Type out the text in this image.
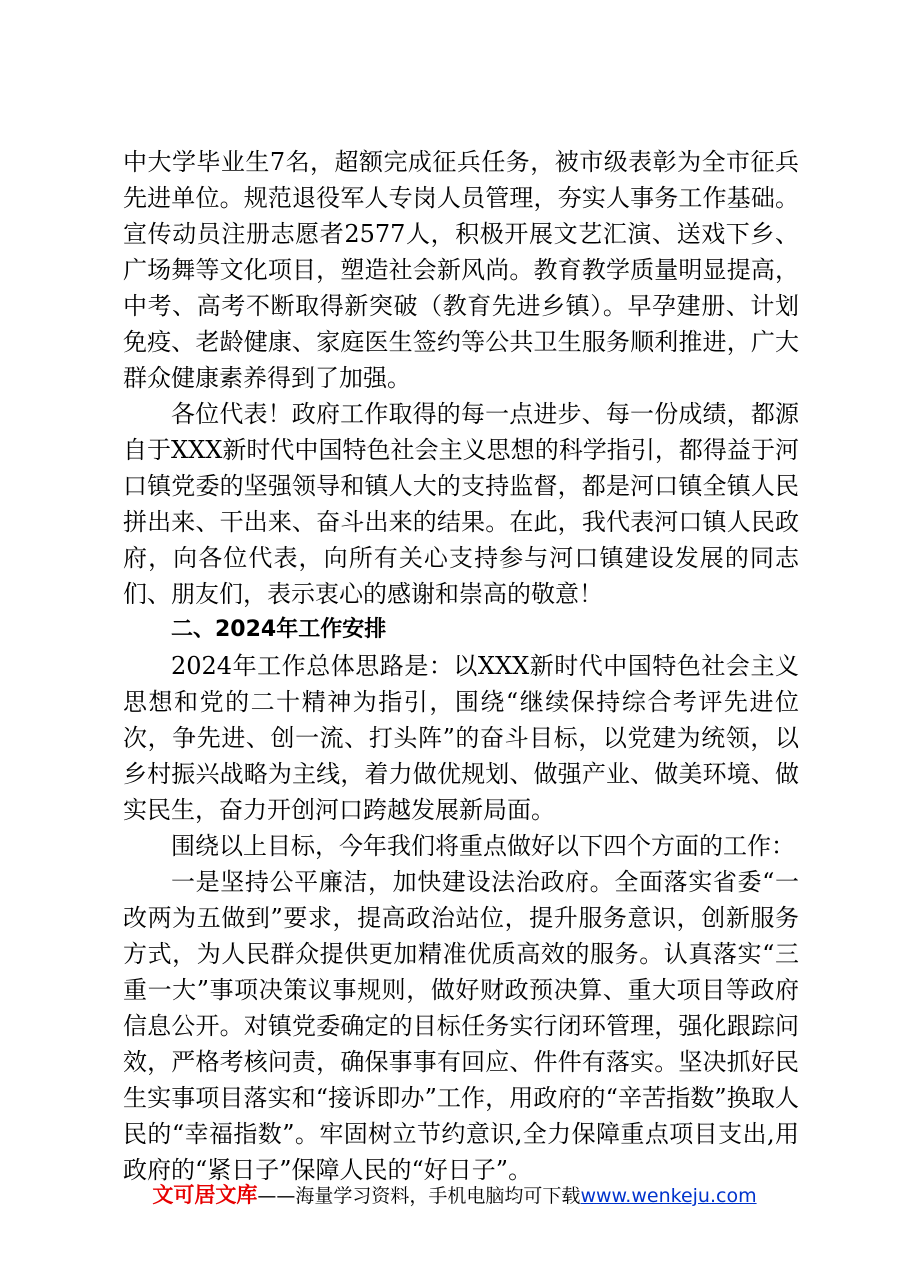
中大学毕业生7名，超额完成征兵任务，被市级表彰为全市征兵先进单位。规范退役军人专岗人员管理，夯实人事务工作基础。宣传动员注册志愿者2577人，积极开展文艺汇演、送戏下乡、广场舞等文化项目，塑造社会新风尚。教育教学质量明显提高，中考、高考不断取得新突破（教育先进乡镇）。早孕建册、计划免疫、老龄健康、家庭医生签约等公共卫生服务顺利推进，广大群众健康素养得到了加强。

各位代表！政府工作取得的每一点进步、每一份成绩，都源自于XXX新时代中国特色社会主义思想的科学指引，都得益于河口镇党委的坚强领导和镇人大的支持监督，都是河口镇全镇人民拼出来、干出来、奋斗出来的结果。在此，我代表河口镇人民政府，向各位代表，向所有关心支持参与河口镇建设发展的同志们、朋友们，表示衷心的感谢和崇高的敬意！

二、2024年工作安排

2024年工作总体思路是：以XXX新时代中国特色社会主义思想和党的二十精神为指引，围绕“继续保持综合考评先进位次，争先进、创一流、打头阵”的奋斗目标，以党建为统领，以乡村振兴战略为主线，着力做优规划、做强产业、做美环境、做实民生，奋力开创河口跨越发展新局面。

围绕以上目标，今年我们将重点做好以下四个方面的工作：

一是坚持公平廉洁，加快建设法治政府。全面落实省委“一改两为五做到”要求，提高政治站位，提升服务意识，创新服务方式，为人民群众提供更加精准优质高效的服务。认真落实“三重一大”事项决策议事规则，做好财政预决算、重大项目等政府信息公开。对镇党委确定的目标任务实行闭环管理，强化跟踪问效，严格考核问责，确保事事有回应、件件有落实。坚决抓好民生实事项目落实和“接诉即办”工作，用政府的“辛苦指数”换取人民的“幸福指数”。牢固树立节约意识,全力保障重点项目支出,用政府的“紧日子”保障人民的“好日子”。

文可居文库——海量学习资料，手机电脑均可下载www.wenkeju.com
